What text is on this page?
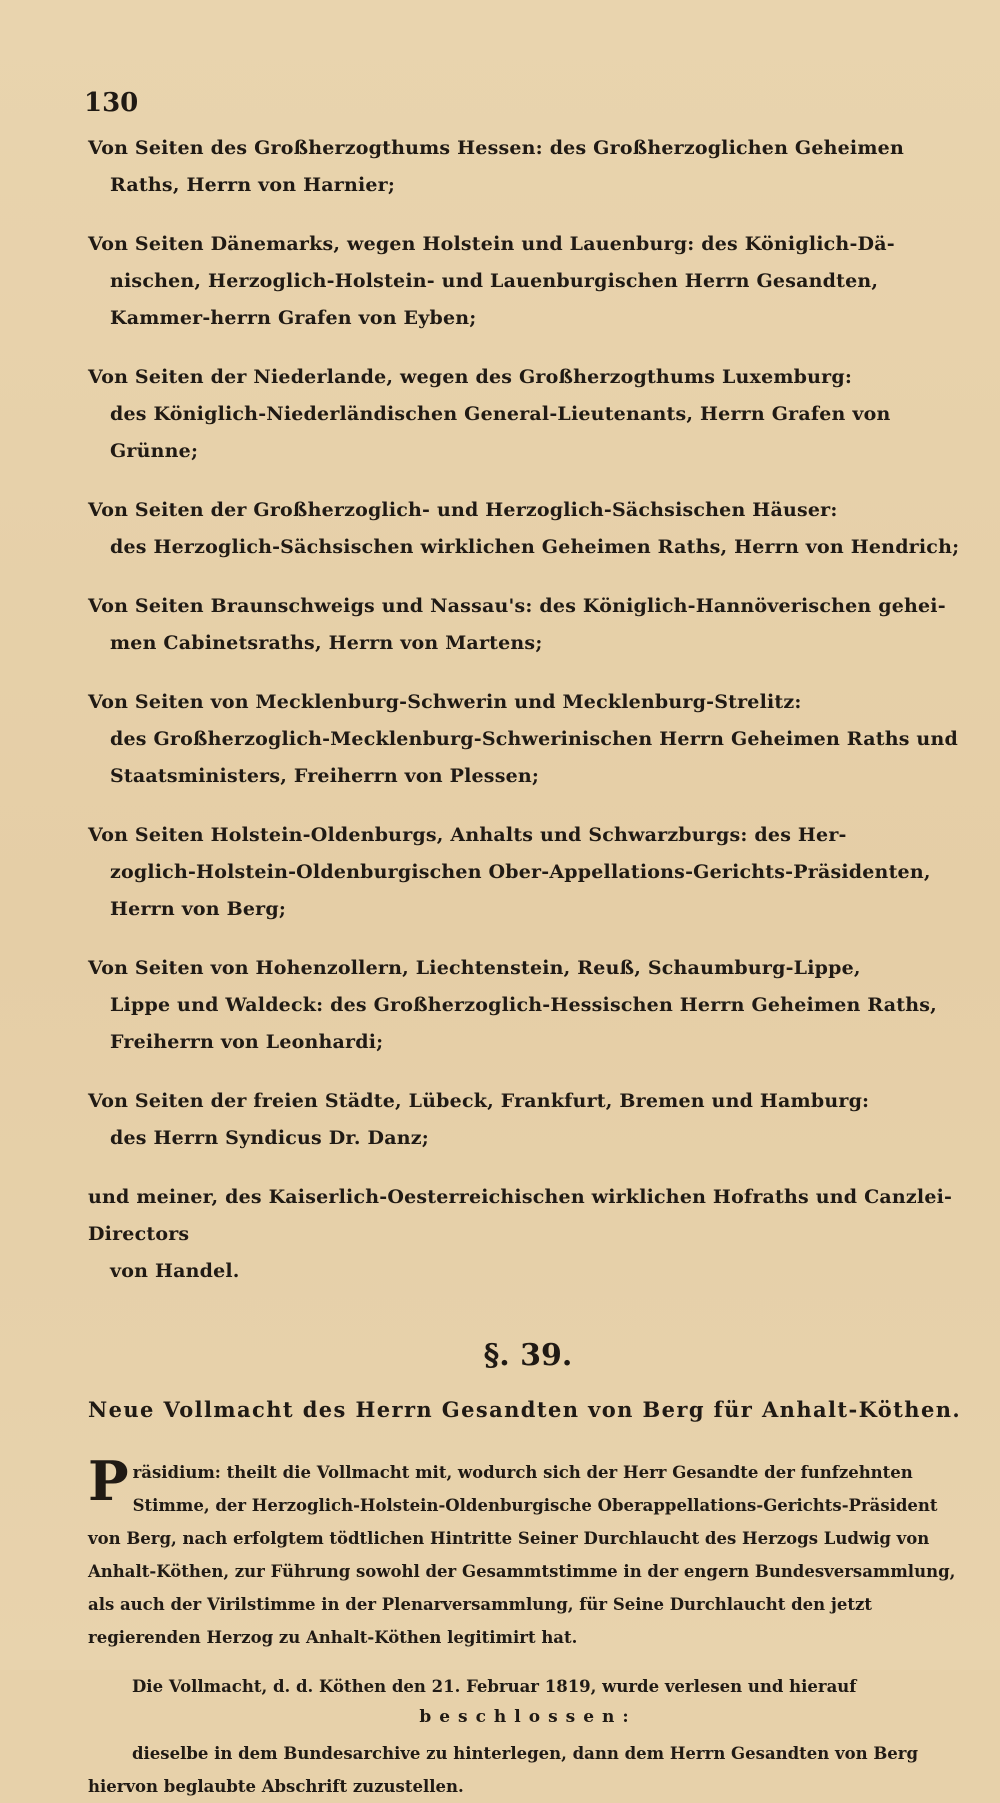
130
Von Seiten des Großherzogthums Hessen: des Großherzoglichen Geheimen
Raths, Herrn von Harnier;
Von Seiten Dänemarks, wegen Holstein und Lauenburg: des Königlich-Dä-
nischen, Herzoglich-Holstein- und Lauenburgischen Herrn Gesandten, Kammer-herrn Grafen von Eyben;
Von Seiten der Niederlande, wegen des Großherzogthums Luxemburg:
des Königlich-Niederländischen General-Lieutenants, Herrn Grafen von Grünne;
Von Seiten der Großherzoglich- und Herzoglich-Sächsischen Häuser:
des Herzoglich-Sächsischen wirklichen Geheimen Raths, Herrn von Hendrich;
Von Seiten Braunschweigs und Nassau's: des Königlich-Hannöverischen gehei-
men Cabinetsraths, Herrn von Martens;
Von Seiten von Mecklenburg-Schwerin und Mecklenburg-Strelitz:
des Großherzoglich-Mecklenburg-Schwerinischen Herrn Geheimen Raths und Staatsministers, Freiherrn von Plessen;
Von Seiten Holstein-Oldenburgs, Anhalts und Schwarzburgs: des Her-
zoglich-Holstein-Oldenburgischen Ober-Appellations-Gerichts-Präsidenten, Herrn von Berg;
Von Seiten von Hohenzollern, Liechtenstein, Reuß, Schaumburg-Lippe,
Lippe und Waldeck: des Großherzoglich-Hessischen Herrn Geheimen Raths, Freiherrn von Leonhardi;
Von Seiten der freien Städte, Lübeck, Frankfurt, Bremen und Hamburg:
des Herrn Syndicus Dr. Danz;
und meiner, des Kaiserlich-Oesterreichischen wirklichen Hofraths und Canzlei-Directors
von Handel.
§. 39.
Neue Vollmacht des Herrn Gesandten von Berg für Anhalt-Köthen.

Präsidium: theilt die Vollmacht mit, wodurch sich der Herr Gesandte der funfzehnten Stimme, der Herzoglich-Holstein-Oldenburgische Oberappellations-Gerichts-Präsident von Berg, nach erfolgtem tödtlichen Hintritte Seiner Durchlaucht des Herzogs Ludwig von Anhalt-Köthen, zur Führung sowohl der Gesammtstimme in der engern Bundesversammlung, als auch der Virilstimme in der Plenarversammlung, für Seine Durchlaucht den jetzt regierenden Herzog zu Anhalt-Köthen legitimirt hat.

Die Vollmacht, d. d. Köthen den 21. Februar 1819, wurde verlesen und hierauf

beschlossen:

dieselbe in dem Bundesarchive zu hinterlegen, dann dem Herrn Gesandten von Berg hiervon beglaubte Abschrift zuzustellen.
